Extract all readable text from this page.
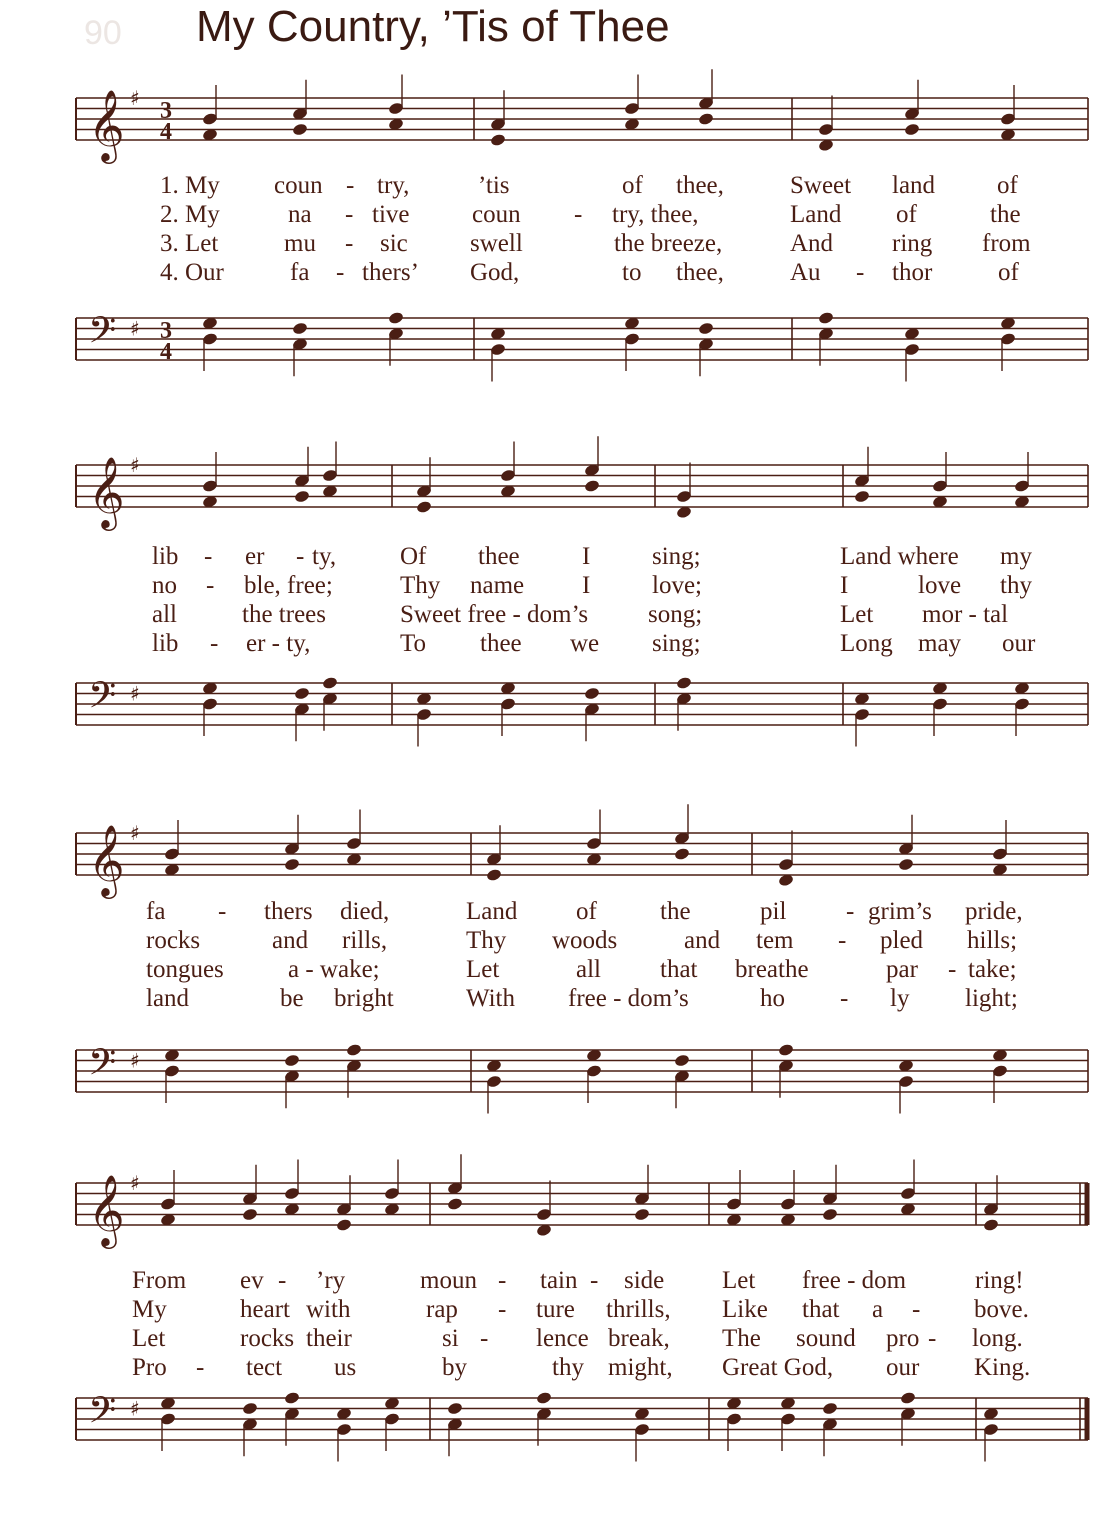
90 My Country, ’Tis of Thee
𝄞 ♯ 3
4
𝄢 ♯ 3
4
𝄞 ♯
𝄢 ♯
𝄞 ♯
𝄢 ♯
𝄞 ♯
𝄢 ♯
1. My coun - try,	’tis	of thee,	Sweet land of
2. My	na - tive	coun - try, thee,	Land of	the
3. Let	mu - sic swell	the breeze,	And ring from
4. Our	fa - thers’ God,	to thee,	Au - thor	of
lib - er - ty,	Of thee I sing;	Land where my
no - ble, free;	Thy name I love;	I	love thy
all	the trees	Sweet free - dom’s song;	Let mor - tal
lib - er - ty,	To thee we sing;	Long may our
fa - thers died,	Land of	the	pil - grim’s pride,
rocks	and rills,	Thy woods	and tem - pled hills;
tongues	a - wake;	Let	all that breathe	par - take;
land	be bright	With free - dom’s	ho - ly light;
From ev - ’ry	moun - tain - side Let free - dom	ring!
My	heart with	rap - ture thrills, Like that a - bove.
Let	rocks their	si - lence break, The sound pro - long.
Pro - tect us	by	thy might, Great God, our King.
